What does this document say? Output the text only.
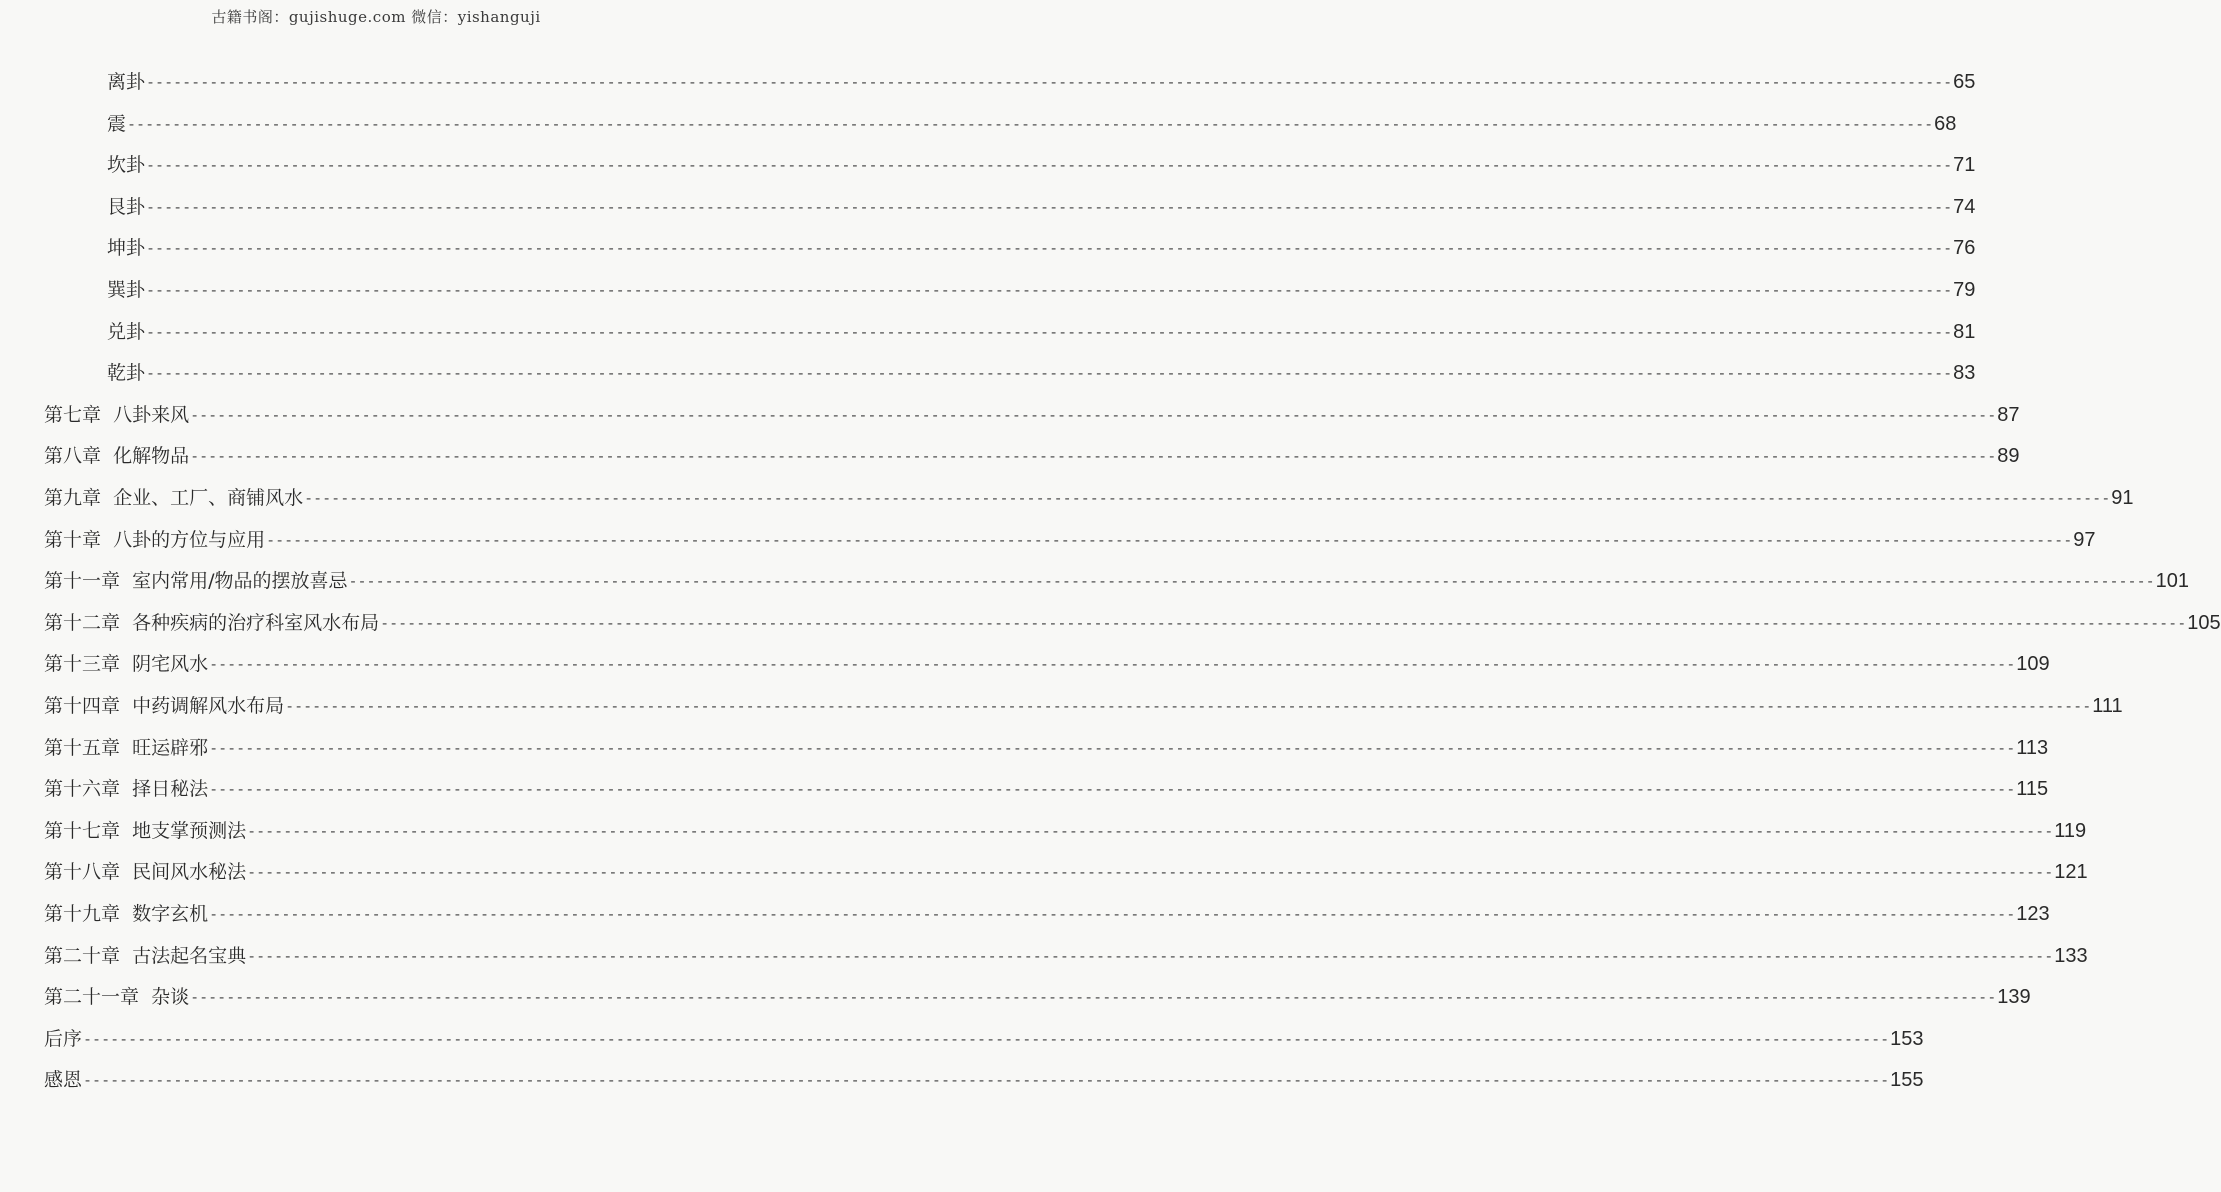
古籍书阁：gujishuge.com 微信：yishanguji
离卦 -------------------------------------------------------------------------------------------------------------------------------------------------------------------------------------------------------- 65
震 -------------------------------------------------------------------------------------------------------------------------------------------------------------------------------------------------------- 68
坎卦 -------------------------------------------------------------------------------------------------------------------------------------------------------------------------------------------------------- 71
艮卦 -------------------------------------------------------------------------------------------------------------------------------------------------------------------------------------------------------- 74
坤卦 -------------------------------------------------------------------------------------------------------------------------------------------------------------------------------------------------------- 76
巽卦 -------------------------------------------------------------------------------------------------------------------------------------------------------------------------------------------------------- 79
兑卦 -------------------------------------------------------------------------------------------------------------------------------------------------------------------------------------------------------- 81
乾卦 -------------------------------------------------------------------------------------------------------------------------------------------------------------------------------------------------------- 83
第七章  八卦来风 -------------------------------------------------------------------------------------------------------------------------------------------------------------------------------------------------------- 87
第八章  化解物品 -------------------------------------------------------------------------------------------------------------------------------------------------------------------------------------------------------- 89
第九章  企业、工厂、商铺风水 -------------------------------------------------------------------------------------------------------------------------------------------------------------------------------------------------------- 91
第十章  八卦的方位与应用 -------------------------------------------------------------------------------------------------------------------------------------------------------------------------------------------------------- 97
第十一章  室内常用/物品的摆放喜忌 -------------------------------------------------------------------------------------------------------------------------------------------------------------------------------------------------------- 101
第十二章  各种疾病的治疗科室风水布局 -------------------------------------------------------------------------------------------------------------------------------------------------------------------------------------------------------- 105
第十三章  阴宅风水 -------------------------------------------------------------------------------------------------------------------------------------------------------------------------------------------------------- 109
第十四章  中药调解风水布局 -------------------------------------------------------------------------------------------------------------------------------------------------------------------------------------------------------- 111
第十五章  旺运辟邪 -------------------------------------------------------------------------------------------------------------------------------------------------------------------------------------------------------- 113
第十六章  择日秘法 -------------------------------------------------------------------------------------------------------------------------------------------------------------------------------------------------------- 115
第十七章  地支掌预测法 -------------------------------------------------------------------------------------------------------------------------------------------------------------------------------------------------------- 119
第十八章  民间风水秘法 -------------------------------------------------------------------------------------------------------------------------------------------------------------------------------------------------------- 121
第十九章  数字玄机 -------------------------------------------------------------------------------------------------------------------------------------------------------------------------------------------------------- 123
第二十章  古法起名宝典 -------------------------------------------------------------------------------------------------------------------------------------------------------------------------------------------------------- 133
第二十一章  杂谈 -------------------------------------------------------------------------------------------------------------------------------------------------------------------------------------------------------- 139
后序 -------------------------------------------------------------------------------------------------------------------------------------------------------------------------------------------------------- 153
感恩 -------------------------------------------------------------------------------------------------------------------------------------------------------------------------------------------------------- 155
